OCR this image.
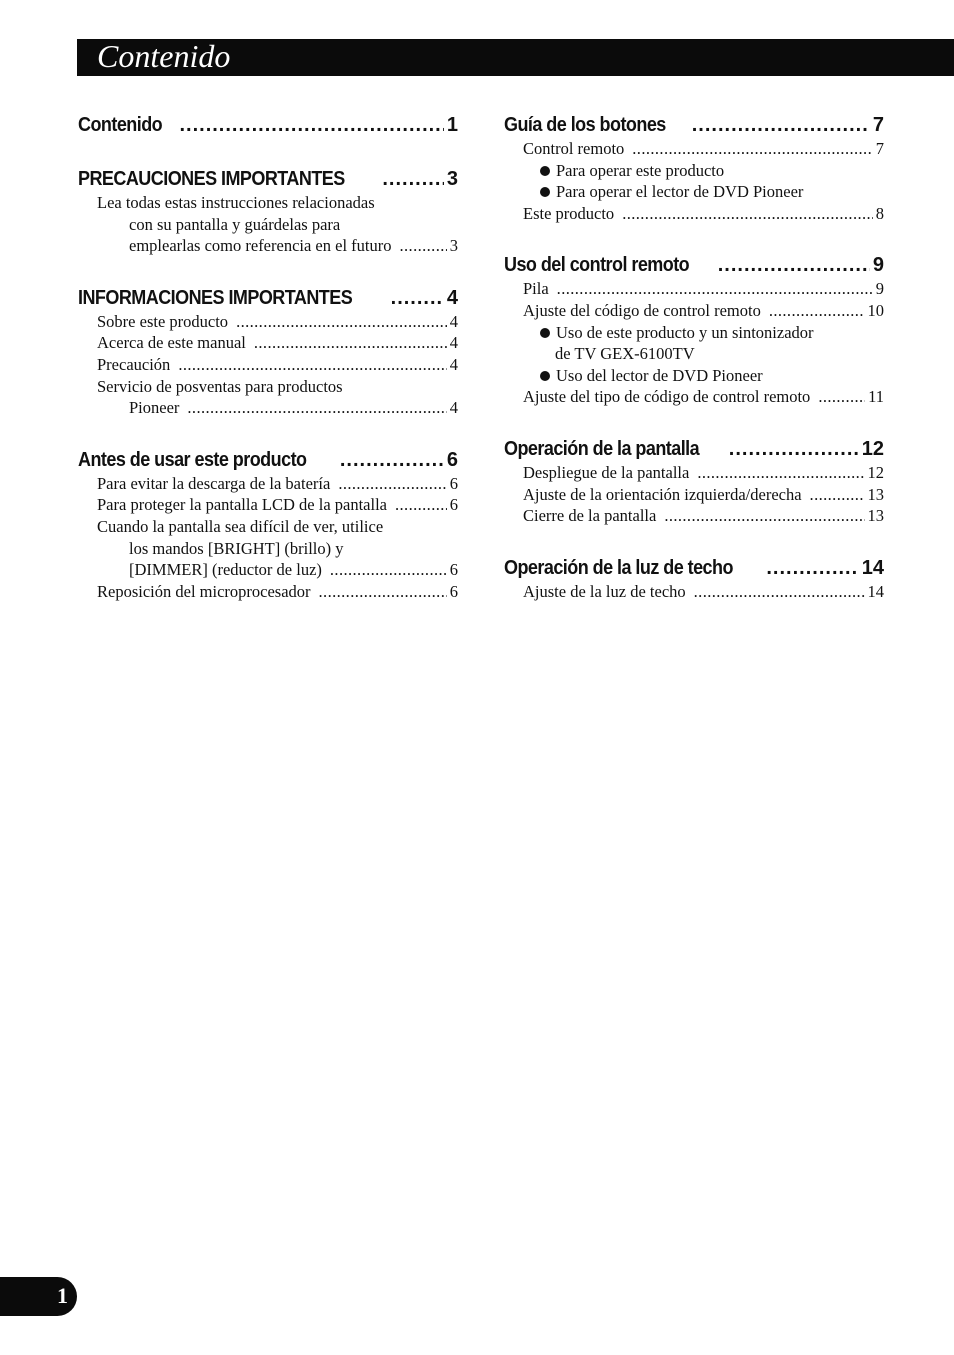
Contenido
Contenido .....	1
PRECAUCIONES IMPORTANTES .....	3
Lea todas estas instrucciones relacionadas
con su pantalla y guárdelas para
emplearlas como referencia en el futuro .....	3
INFORMACIONES IMPORTANTES .....	4
Sobre este producto .....	4
Acerca de este manual .....	4
Precaución .....	4
Servicio de posventas para productos
Pioneer .....	4
Antes de usar este producto .....	6
Para evitar la descarga de la batería .....	6
Para proteger la pantalla LCD de la pantalla .....	6
Cuando la pantalla sea difícil de ver, utilice
los mandos [BRIGHT] (brillo) y
[DIMMER] (reductor de luz) .....	6
Reposición del microprocesador .....	6
Guía de los botones .....	7
Control remoto .....	7
Para operar este producto
Para operar el lector de DVD Pioneer
Este producto .....	8
Uso del control remoto .....	9
Pila .....	9
Ajuste del código de control remoto .....	10
Uso de este producto y un sintonizador
de TV GEX-6100TV
Uso del lector de DVD Pioneer
Ajuste del tipo de código de control remoto .....	11
Operación de la pantalla .....	12
Despliegue de la pantalla .....	12
Ajuste de la orientación izquierda/derecha .....	13
Cierre de la pantalla .....	13
Operación de la luz de techo .....	14
Ajuste de la luz de techo .....	14
1
